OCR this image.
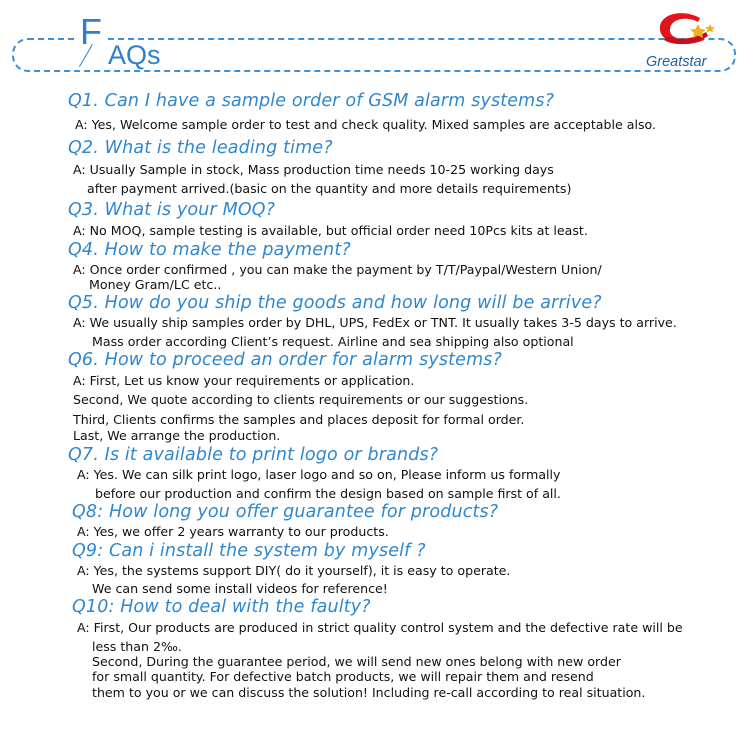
F
AQs	Greatstar
Q1. Can I have a sample order of GSM alarm systems?
A: Yes, Welcome sample order to test and check quality. Mixed samples are acceptable also.
Q2. What is the leading time?
A: Usually Sample in stock, Mass production time needs 10-25 working days
after payment arrived.(basic on the quantity and more details requirements)
Q3. What is your MOQ?
A: No MOQ, sample testing is available, but official order need 10Pcs kits at least.
Q4. How to make the payment?
A: Once order confirmed , you can make the payment by T/T/Paypal/Western Union/
Money Gram/LC etc..
Q5. How do you ship the goods and how long will be arrive?
A: We usually ship samples order by DHL, UPS, FedEx or TNT. It usually takes 3-5 days to arrive.
Mass order according Client’s request. Airline and sea shipping also optional
Q6. How to proceed an order for alarm systems?
A: First, Let us know your requirements or application.
Second, We quote according to clients requirements or our suggestions.
Third, Clients confirms the samples and places deposit for formal order.
Last, We arrange the production.
Q7. Is it available to print logo or brands?
A: Yes. We can silk print logo, laser logo and so on, Please inform us formally
before our production and confirm the design based on sample first of all.
Q8: How long you offer guarantee for products?
A: Yes, we offer 2 years warranty to our products.
Q9: Can i install the system by myself ?
A: Yes, the systems support DIY( do it yourself), it is easy to operate.
We can send some install videos for reference!
Q10: How to deal with the faulty?
A: First, Our products are produced in strict quality control system and the defective rate will be
less than 2‰.
Second, During the guarantee period, we will send new ones belong with new order
for small quantity. For defective batch products, we will repair them and resend
them to you or we can discuss the solution! Including re-call according to real situation.
